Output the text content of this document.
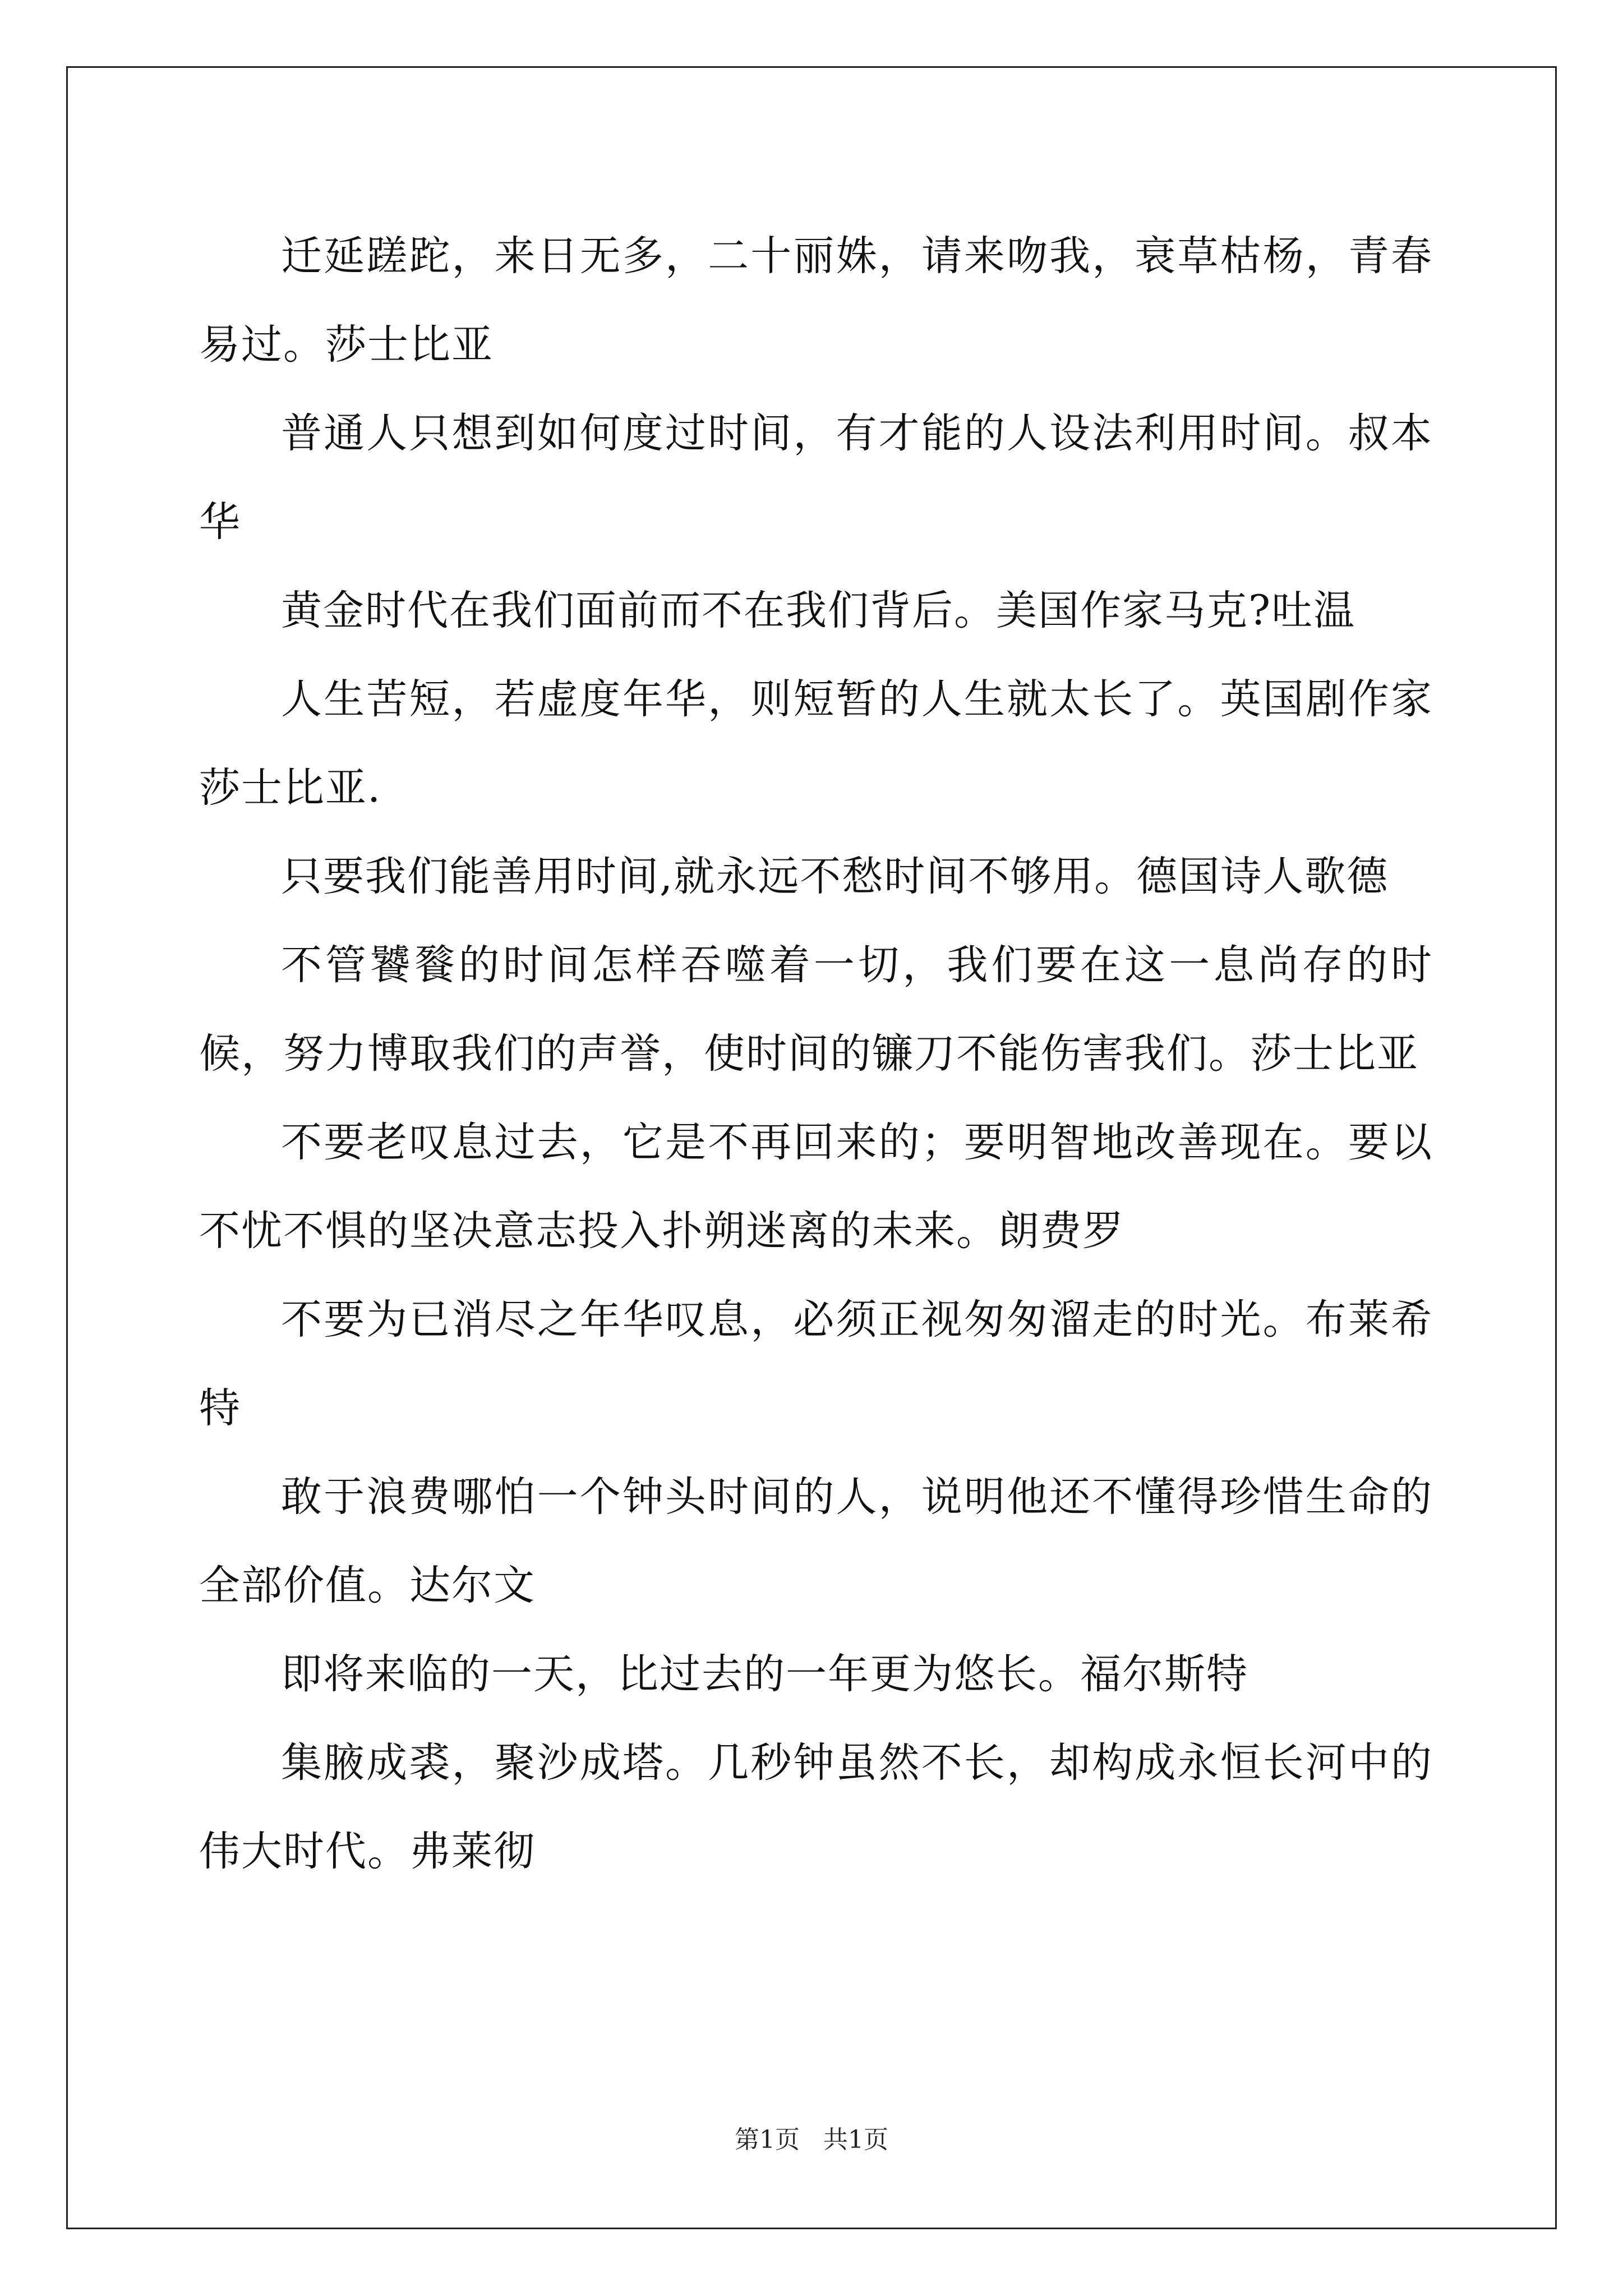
迁延蹉跎，来日无多，二十丽姝，请来吻我，衰草枯杨，青春易过。莎士比亚

普通人只想到如何度过时间，有才能的人设法利用时间。叔本华

黄金时代在我们面前而不在我们背后。美国作家马克?吐温

人生苦短，若虚度年华，则短暂的人生就太长了。英国剧作家莎士比亚.

只要我们能善用时间,就永远不愁时间不够用。德国诗人歌德

不管饕餮的时间怎样吞噬着一切，我们要在这一息尚存的时候，努力博取我们的声誉，使时间的镰刀不能伤害我们。莎士比亚

不要老叹息过去，它是不再回来的；要明智地改善现在。要以不忧不惧的坚决意志投入扑朔迷离的未来。朗费罗

不要为已消尽之年华叹息，必须正视匆匆溜走的时光。布莱希特

敢于浪费哪怕一个钟头时间的人，说明他还不懂得珍惜生命的全部价值。达尔文

即将来临的一天，比过去的一年更为悠长。福尔斯特

集腋成裘，聚沙成塔。几秒钟虽然不长，却构成永恒长河中的伟大时代。弗莱彻

第1页   共1页
